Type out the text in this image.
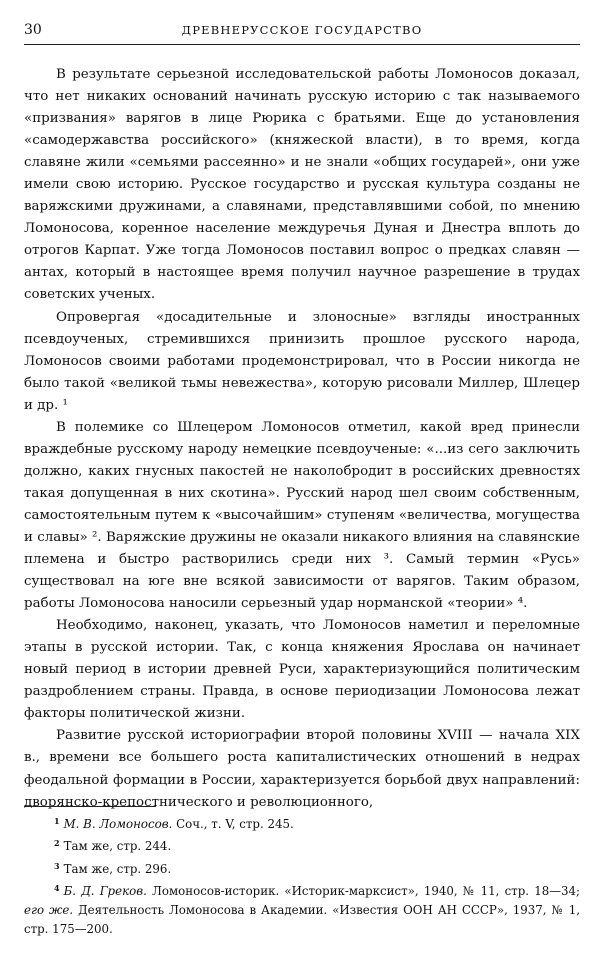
30	ДРЕВНЕРУССКОЕ ГОСУДАРСТВО

В результате серьезной исследовательской работы Ломоносов доказал, что нет никаких оснований начинать русскую историю с так называемого «призвания» варягов в лице Рюрика с братьями. Еще до установления «самодержавства российского» (княжеской власти), в то время, когда славяне жили «семьями рассеянно» и не знали «общих государей», они уже имели свою историю. Русское государство и русская культура созданы не варяжскими дружинами, а славянами, представлявшими собой, по мнению Ломоносова, коренное население междуречья Дуная и Днестра вплоть до отрогов Карпат. Уже тогда Ломоносов поставил вопрос о предках славян — антах, который в настоящее время получил научное разрешение в трудах советских ученых.

Опровергая «досадительные и злоносные» взгляды иностранных псевдоученых, стремившихся принизить прошлое русского народа, Ломоносов своими работами продемонстрировал, что в России никогда не было такой «великой тьмы невежества», которую рисовали Миллер, Шлецер и др. ¹

В полемике со Шлецером Ломоносов отметил, какой вред принесли враждебные русскому народу немецкие псевдоученые: «...из сего заключить должно, каких гнусных пакостей не наколобродит в российских древностях такая допущенная в них скотина». Русский народ шел своим собственным, самостоятельным путем к «высочайшим» ступеням «величества, могущества и славы» ². Варяжские дружины не оказали никакого влияния на славянские племена и быстро растворились среди них ³. Самый термин «Русь» существовал на юге вне всякой зависимости от варягов. Таким образом, работы Ломоносова наносили серьезный удар норманской «теории» ⁴.

Необходимо, наконец, указать, что Ломоносов наметил и переломные этапы в русской истории. Так, с конца княжения Ярослава он начинает новый период в истории древней Руси, характеризующийся политическим раздроблением страны. Правда, в основе периодизации Ломоносова лежат факторы политической жизни.

Развитие русской историографии второй половины XVIII — начала XIX в., времени все большего роста капиталистических отношений в недрах феодальной формации в России, характеризуется борьбой двух направлений: дворянско-крепостнического и революционного,

$^1$ М. В. Ломоносов. Соч., т. V, стр. 245.

$^2$ Там же, стр. 244.

$^3$ Там же, стр. 296.

$^4$ Б. Д. Греков. Ломоносов-историк. «Историк-марксист», 1940, № 11, стр. 18—34; его же. Деятельность Ломоносова в Академии. «Известия ООН АН СССР», 1937, № 1, стр. 175—200.
